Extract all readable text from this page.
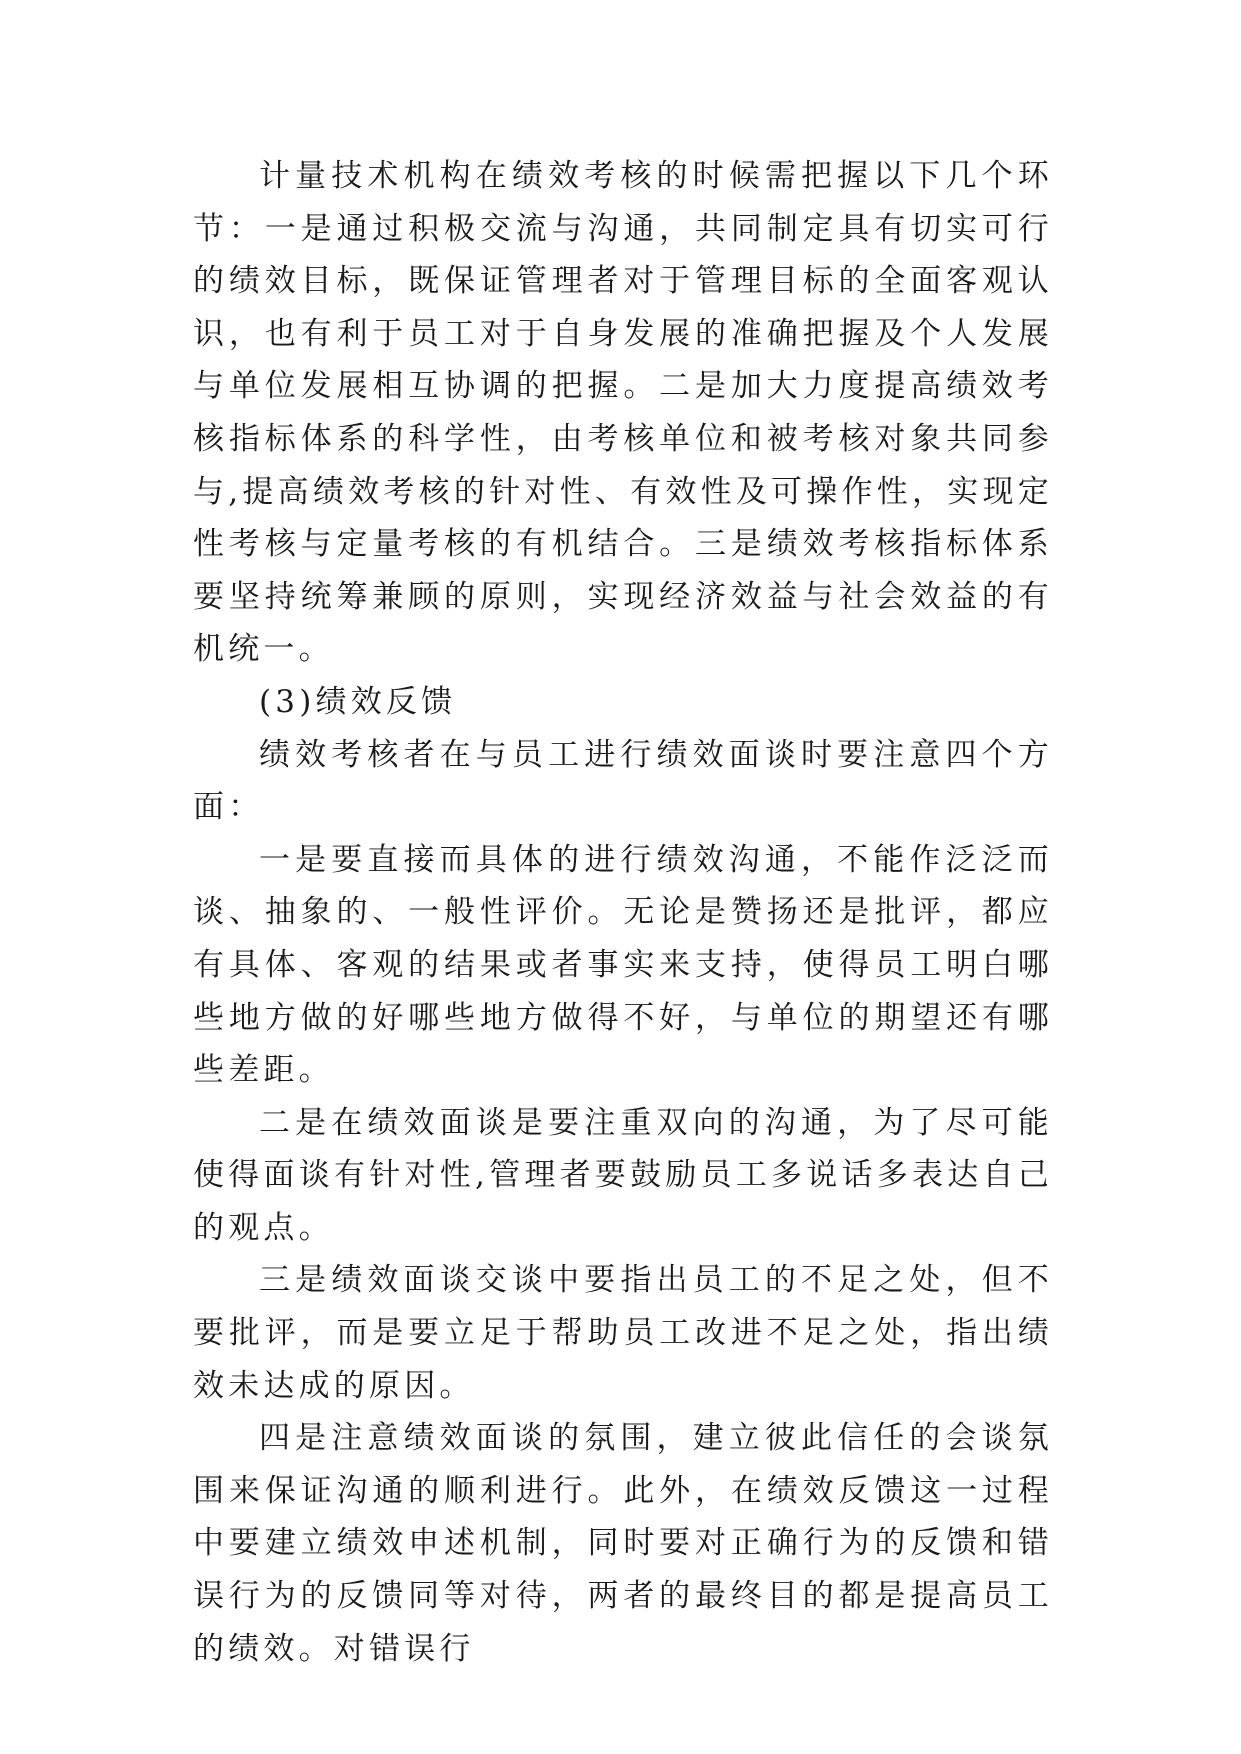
计量技术机构在绩效考核的时候需把握以下几个环节：一是通过积极交流与沟通，共同制定具有切实可行的绩效目标，既保证管理者对于管理目标的全面客观认识，也有利于员工对于自身发展的准确把握及个人发展与单位发展相互协调的把握。二是加大力度提高绩效考核指标体系的科学性，由考核单位和被考核对象共同参与,提高绩效考核的针对性、有效性及可操作性，实现定性考核与定量考核的有机结合。三是绩效考核指标体系要坚持统筹兼顾的原则，实现经济效益与社会效益的有机统一。

(3)绩效反馈

绩效考核者在与员工进行绩效面谈时要注意四个方面：

一是要直接而具体的进行绩效沟通，不能作泛泛而谈、抽象的、一般性评价。无论是赞扬还是批评，都应有具体、客观的结果或者事实来支持，使得员工明白哪些地方做的好哪些地方做得不好，与单位的期望还有哪些差距。

二是在绩效面谈是要注重双向的沟通，为了尽可能使得面谈有针对性,管理者要鼓励员工多说话多表达自己的观点。

三是绩效面谈交谈中要指出员工的不足之处，但不要批评，而是要立足于帮助员工改进不足之处，指出绩效未达成的原因。

四是注意绩效面谈的氛围，建立彼此信任的会谈氛围来保证沟通的顺利进行。此外，在绩效反馈这一过程中要建立绩效申述机制，同时要对正确行为的反馈和错误行为的反馈同等对待，两者的最终目的都是提高员工的绩效。对错误行
